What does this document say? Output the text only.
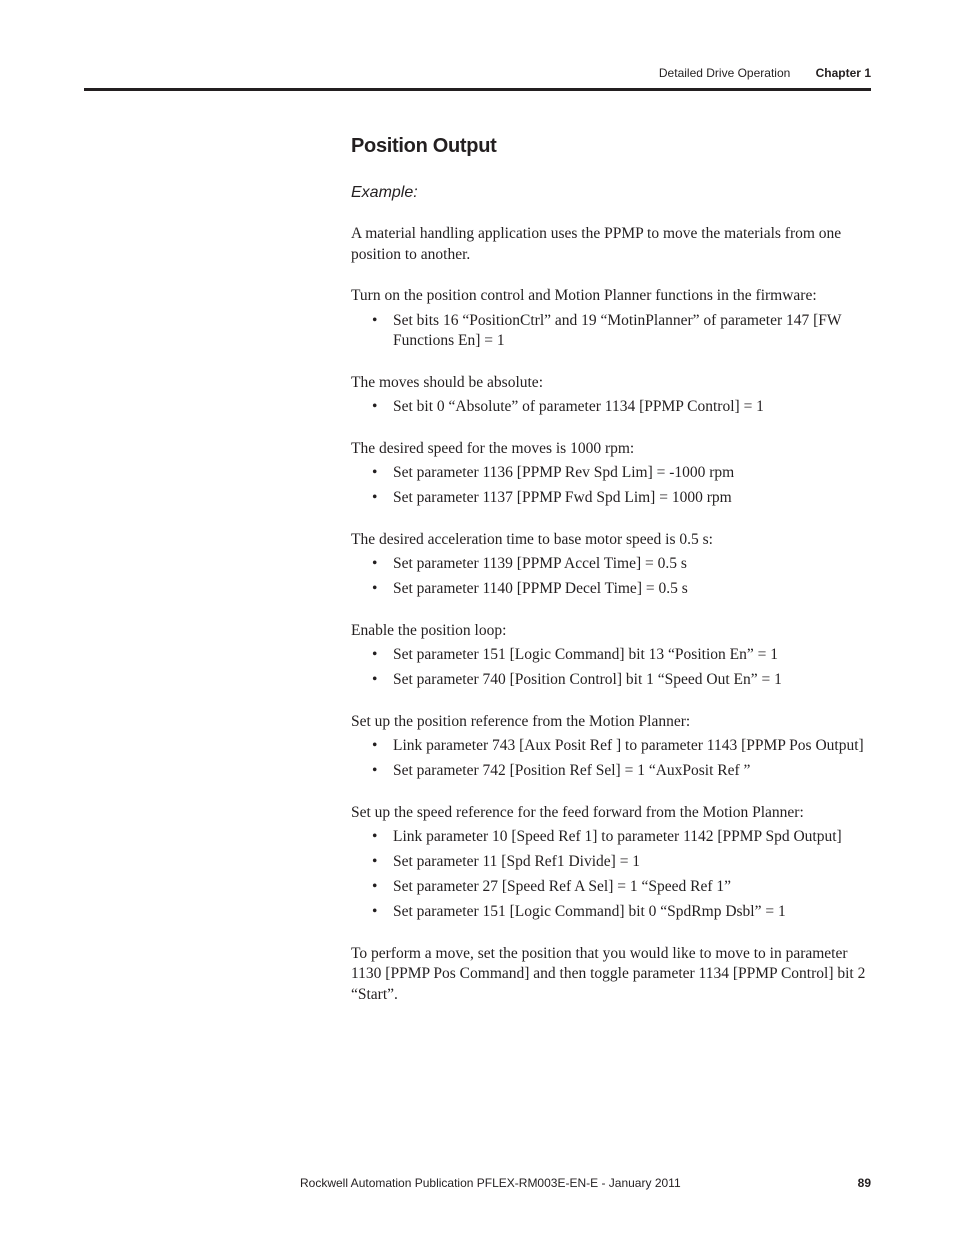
Detailed Drive Operation Chapter 1
Position Output
Example:

A material handling application uses the PPMP to move the materials from one position to another.

Turn on the position control and Motion Planner functions in the firmware:

• Set bits 16 “PositionCtrl” and 19 “MotinPlanner” of parameter 147 [FW Functions En] = 1

The moves should be absolute:

• Set bit 0 “Absolute” of parameter 1134 [PPMP Control] = 1

The desired speed for the moves is 1000 rpm:

• Set parameter 1136 [PPMP Rev Spd Lim] = -1000 rpm
• Set parameter 1137 [PPMP Fwd Spd Lim] = 1000 rpm

The desired acceleration time to base motor speed is 0.5 s:

• Set parameter 1139 [PPMP Accel Time] = 0.5 s
• Set parameter 1140 [PPMP Decel Time] = 0.5 s

Enable the position loop:

• Set parameter 151 [Logic Command] bit 13 “Position En” = 1
• Set parameter 740 [Position Control] bit 1 “Speed Out En” = 1

Set up the position reference from the Motion Planner:

• Link parameter 743 [Aux Posit Ref ] to parameter 1143 [PPMP Pos Output]
• Set parameter 742 [Position Ref Sel] = 1 “AuxPosit Ref ”

Set up the speed reference for the feed forward from the Motion Planner:

• Link parameter 10 [Speed Ref 1] to parameter 1142 [PPMP Spd Output]
• Set parameter 11 [Spd Ref1 Divide] = 1
• Set parameter 27 [Speed Ref A Sel] = 1 “Speed Ref 1”
• Set parameter 151 [Logic Command] bit 0 “SpdRmp Dsbl” = 1

To perform a move, set the position that you would like to move to in parameter 1130 [PPMP Pos Command] and then toggle parameter 1134 [PPMP Control] bit 2 “Start”.

Rockwell Automation Publication PFLEX-RM003E-EN-E - January 2011	89
